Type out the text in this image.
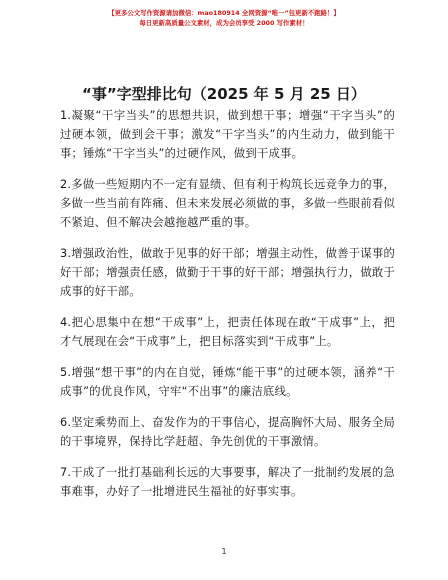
【更多公文写作资源请加微信：mao180914 全网资源“唯一”包更新不跑路！】
每日更新高质量公文素材，成为会员享受 2000 写作素材！
“事”字型排比句（2025 年 5 月 25 日）

1.凝聚“干字当头”的思想共识，做到想干事；增强“干字当头”的过硬本领，做到会干事；激发“干字当头”的内生动力，做到能干事；锤炼“干字当头”的过硬作风，做到干成事。

2.多做一些短期内不一定有显绩、但有利于构筑长远竞争力的事，多做一些当前有阵痛、但未来发展必须做的事，多做一些眼前看似不紧迫、但不解决会越拖越严重的事。

3.增强政治性，做敢于见事的好干部；增强主动性，做善于谋事的好干部；增强责任感，做勤于干事的好干部；增强执行力，做敢于成事的好干部。

4.把心思集中在想“干成事”上，把责任体现在敢“干成事”上，把才气展现在会“干成事”上，把目标落实到“干成事”上。

5.增强“想干事”的内在自觉，锤炼“能干事”的过硬本领，涵养“干成事”的优良作风，守牢“不出事”的廉洁底线。

6.坚定乘势而上、奋发作为的干事信心，提高胸怀大局、服务全局的干事境界，保持比学赶超、争先创优的干事激情。

7.干成了一批打基础利长远的大事要事，解决了一批制约发展的急事难事，办好了一批增进民生福祉的好事实事。

1
